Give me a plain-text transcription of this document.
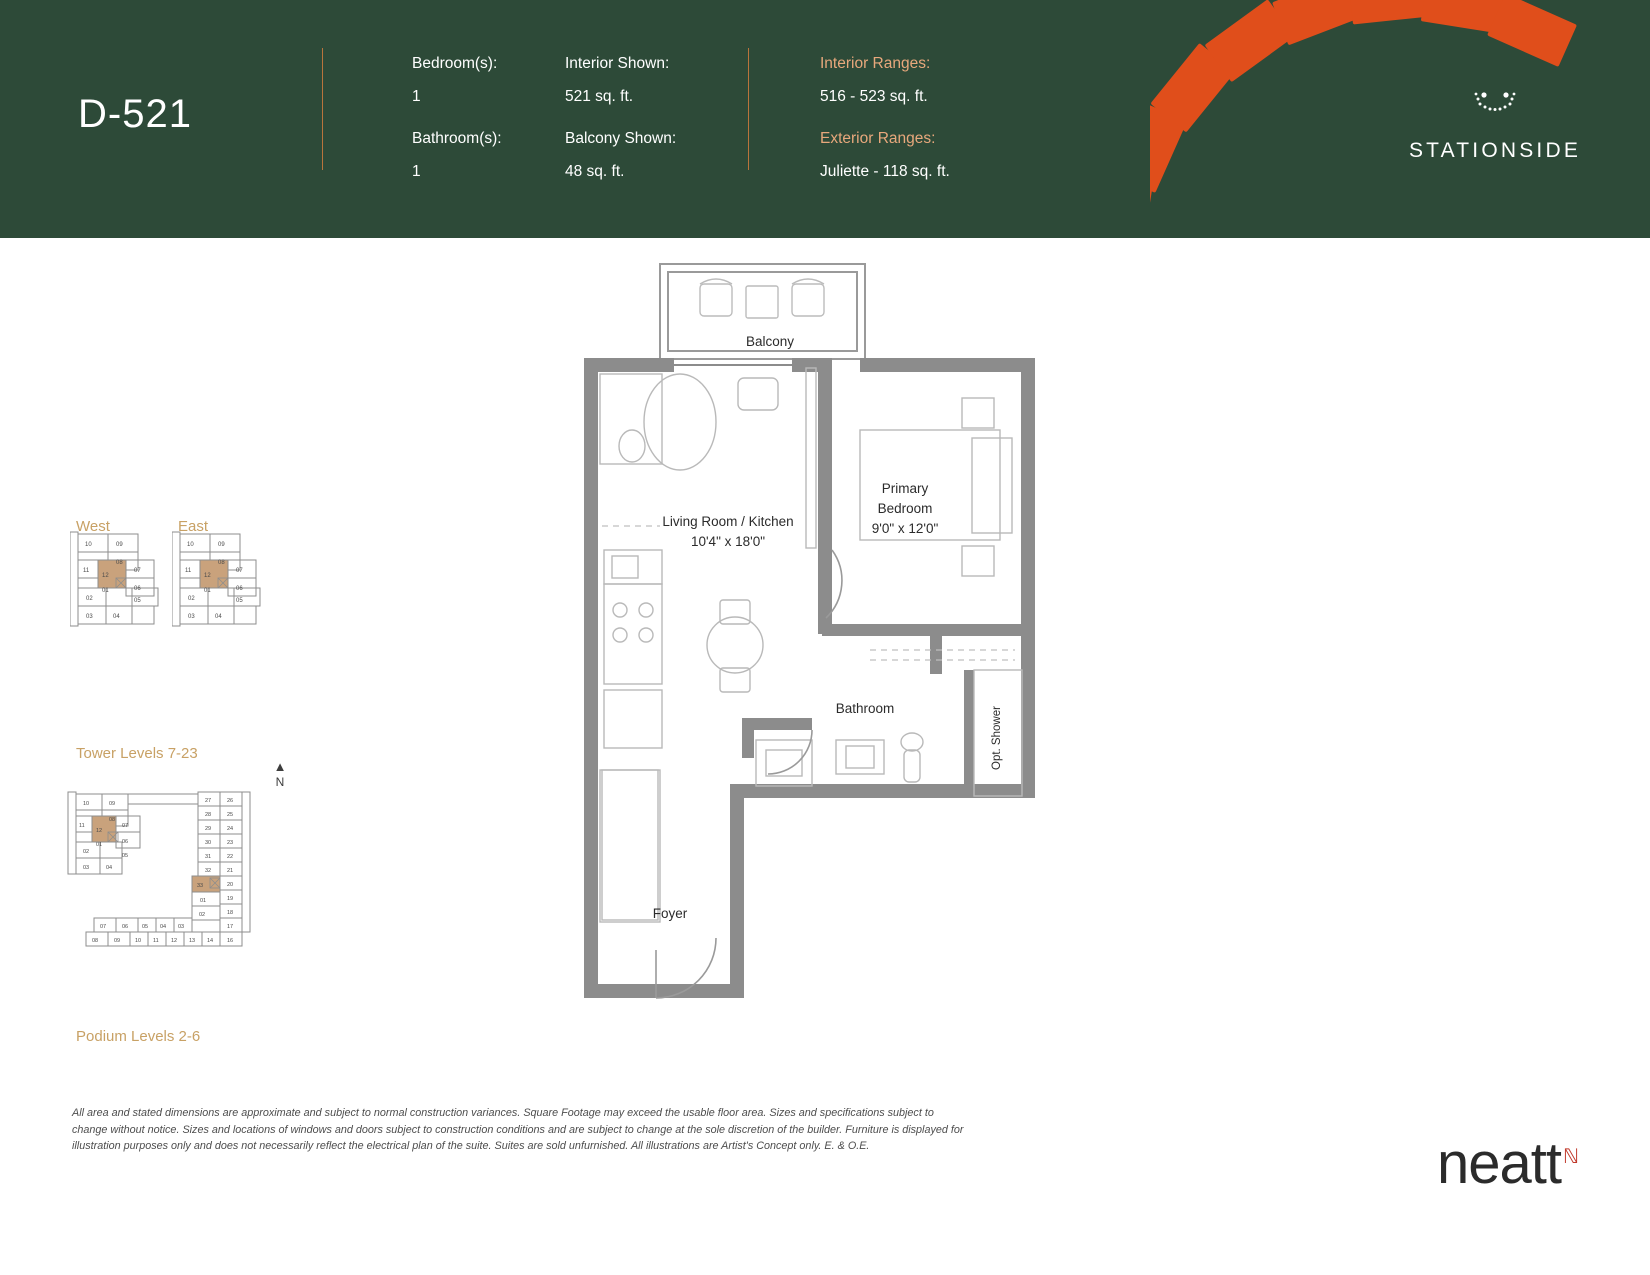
D-521
Bedroom(s):
1
Bathroom(s):
1
Interior Shown:
521 sq. ft.
Balcony Shown:
48 sq. ft.
Interior Ranges:
516 - 523 sq. ft.
Exterior Ranges:
Juliette - 118 sq. ft.
STATIONSIDE
West	East
10	09
08
11
12
07
01	06
02	05
03	04
10	09
08
11
12
07
01	06
02	05
03	04
Tower Levels 7-23
10	09
08
11
12
07
01	06
02
05
03	04
27	26
28	25
29	24
30	23
31	22
32	21
33	20
01	19
18
17
16
07	06	05 04 03
02
08	09	10 11 12 13 14
Podium Levels 2-6
▲
N
Balcony
Living Room / Kitchen
10'4" x 18'0"
Primary
Bedroom
9'0" x 12'0"
Bathroom	Opt. Shower
Foyer
All area and stated dimensions are approximate and subject to normal construction variances. Square Footage may exceed the usable floor area. Sizes and specifications subject to change without notice. Sizes and locations of windows and doors subject to construction conditions and are subject to change at the sole discretion of the builder. Furniture is displayed for illustration purposes only and does not necessarily reflect the electrical plan of the suite. Suites are sold unfurnished. All illustrations are Artist's Concept only. E. & O.E.	neatt $^ℕ$
